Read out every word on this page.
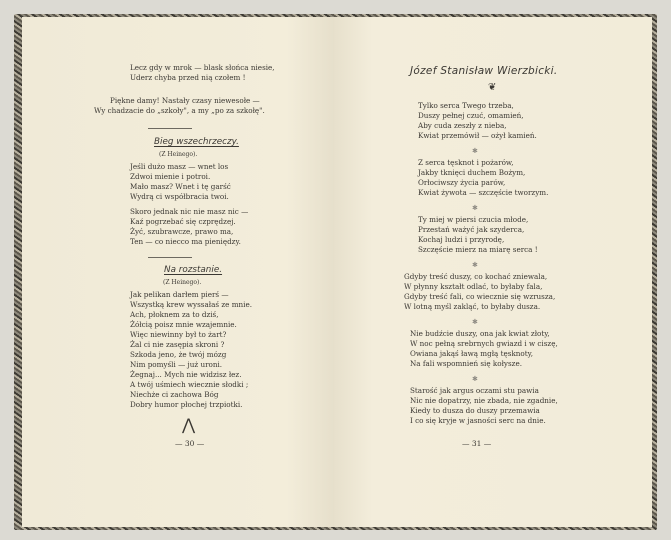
Lecz gdy w mrok — blask słońca niesie,
Uderz chyba przed nią czołem !
Piękne damy! Nastały czasy niewesołe —
Wy chadzacie do „szkoły", a my „po za szkołę".
Bieg wszechrzeczy.
(Z Heinego).
Jeśli dużo masz — wnet los
Zdwoi mienie i potroi.
Mało masz? Wnet i tę garść
Wydrą ci współbracia twoi.
Skoro jednak nic nie masz nic —
Kaź pogrzebać się czprędzej.
Żyć, szubrawcze, prawo ma,
Ten — co niecco ma pieniędzy.
Na rozstanie.
(Z Heinego).
Jak pelikan darłem pierś —
Wszystką krew wyssałaś ze mnie.
Ach, płoknem za to dziś,
Żółcią poisz mnie wzajemnie.
Więc niewinny był to żart?
Żal ci nie zasępia skroni ?
Szkoda jeno, że twój mózg
Nim pomyśli — już uroni.
Żegnaj... Mych nie widzisz łez.
A twój uśmiech wiecznie słodki ;
Niechże ci zachowa Bóg
Dobry humor płochej trzpiotki.
⋀
— 30 —
Józef Stanisław Wierzbicki.
❦
Tylko serca Twego trzeba,
Duszy pełnej czuć, omamień,
Aby cuda zeszły z nieba,
Kwiat przemówił — ożył kamień.
✱
Z serca tęsknot i pożarów,
Jakby tknięci duchem Bożym,
Orłociwszy życia parów,
Kwiat żywota — szczęście tworzym.
✱
Ty miej w piersi czucia młode,
Przestań ważyć jak szyderca,
Kochaj ludzi i przyrodę,
Szczęście mierz na miarę serca !
✱
Gdyby treść duszy, co kochać zniewala,
W płynny kształt odlać, to byłaby fala,
Gdyby treść fali, co wiecznie się wzrusza,
W lotną myśl zakląć, to byłaby dusza.
✱
Nie budźcie duszy, ona jak kwiat złoty,
W noc pełną srebrnych gwiazd i w ciszę,
Owiana jakąś ławą mgłą tęsknoty,
Na fali wspomnień się kołysze.
✱
Starość jak argus oczami stu pawia
Nic nie dopatrzy, nie zbada, nie zgadnie,
Kiedy to dusza do duszy przemawia
I co się kryje w jasności serc na dnie.
— 31 —
